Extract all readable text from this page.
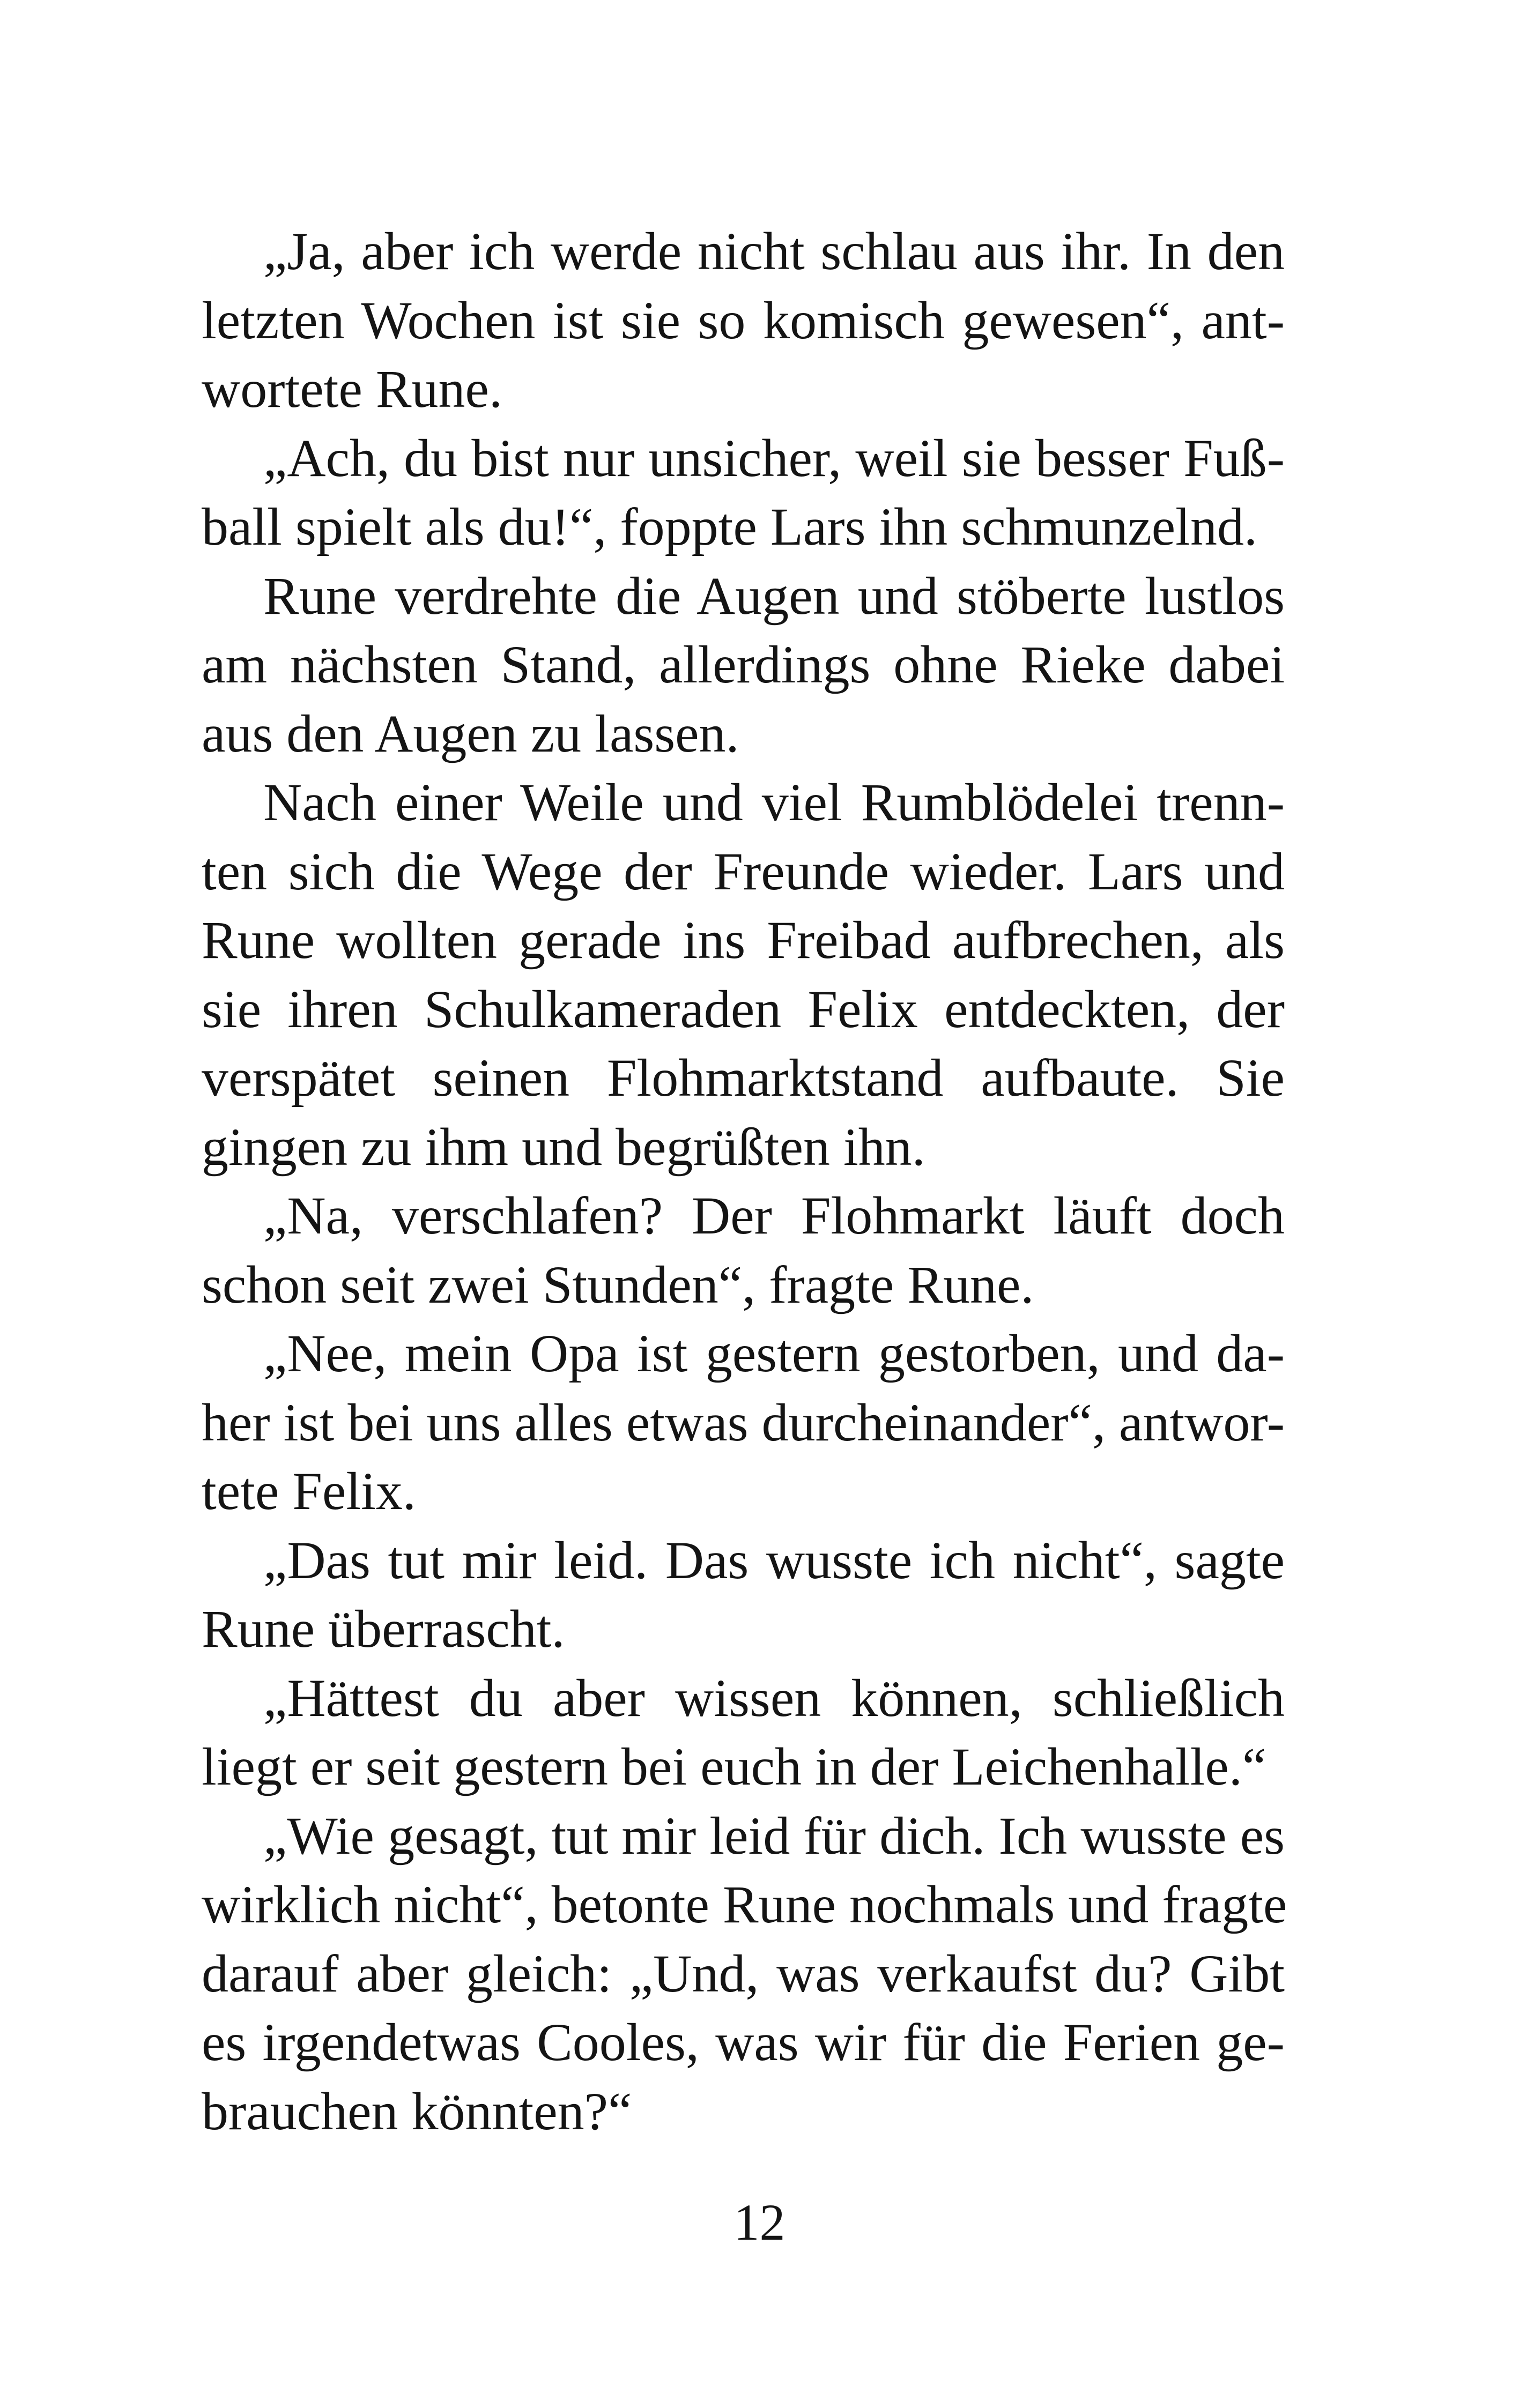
„Ja, aber ich werde nicht schlau aus ihr. In den
letzten Wochen ist sie so komisch gewesen“, ant-
wortete Rune.
„Ach, du bist nur unsicher, weil sie besser Fuß-
ball spielt als du!“, foppte Lars ihn schmunzelnd.
Rune verdrehte die Augen und stöberte lustlos
am nächsten Stand, allerdings ohne Rieke dabei
aus den Augen zu lassen.
Nach einer Weile und viel Rumblödelei trenn-
ten sich die Wege der Freunde wieder. Lars und
Rune wollten gerade ins Freibad aufbrechen, als
sie ihren Schulkameraden Felix entdeckten, der
verspätet seinen Flohmarktstand aufbaute. Sie
gingen zu ihm und begrüßten ihn.
„Na, verschlafen? Der Flohmarkt läuft doch
schon seit zwei Stunden“, fragte Rune.
„Nee, mein Opa ist gestern gestorben, und da-
her ist bei uns alles etwas durcheinander“, antwor-
tete Felix.
„Das tut mir leid. Das wusste ich nicht“, sagte
Rune überrascht.
„Hättest du aber wissen können, schließlich
liegt er seit gestern bei euch in der Leichenhalle.“
„Wie gesagt, tut mir leid für dich. Ich wusste es
wirklich nicht“, betonte Rune nochmals und fragte
darauf aber gleich: „Und, was verkaufst du? Gibt
es irgendetwas Cooles, was wir für die Ferien ge-
brauchen könnten?“
12
